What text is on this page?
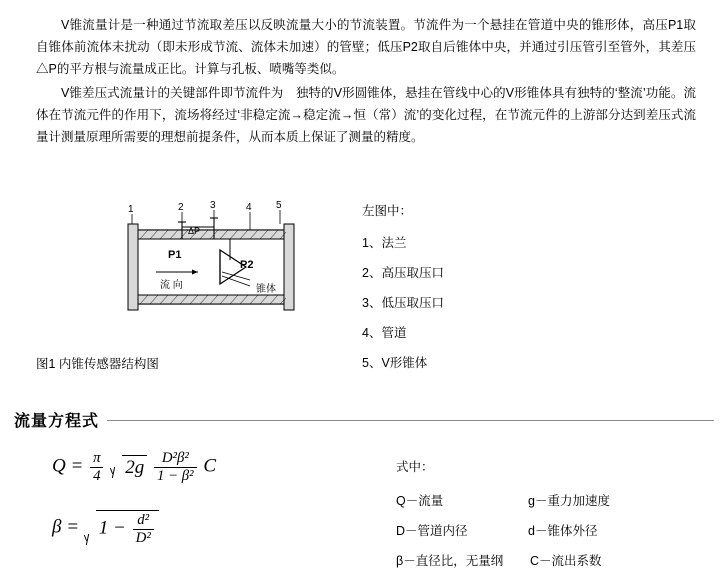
V锥流量计是一种通过节流取差压以反映流量大小的节流装置。节流件为一个悬挂在管道中央的锥形体，高压P1取自锥体前流体未扰动（即未形成节流、流体未加速）的管壁；低压P2取自后锥体中央，并通过引压管引至管外，其差压△P的平方根与流量成正比。计算与孔板、喷嘴等类似。

V锥差压式流量计的关键部件即节流件为　独特的V形圆锥体，悬挂在管线中心的V形锥体具有独特的‘整流’功能。流体在节流元件的作用下，流场将经过‘非稳定流→稳定流→恒（常）流’的变化过程，在节流元件的上游部分达到差压式流量计测量原理所需要的理想前提条件，从而本质上保证了测量的精度。

1	2	3	4 5
ΔP
P1
P2
流 向	锥体
图1 内锥传感器结构图
左图中：
1、法兰
2、高压取压口
3、低压取压口
4、管道
5、V形锥体
流量方程式
$Q = \frac{\pi}{4} 2g \frac{\text{D²β²}}{\text{1 − β²}}$ C
$\beta = 1 - \frac{\text{d²}}{\text{D²}}$
式中：
Q－流量	g－重力加速度
D－管道内径	d－锥体外径
β－直径比，无量纲 C－流出系数
